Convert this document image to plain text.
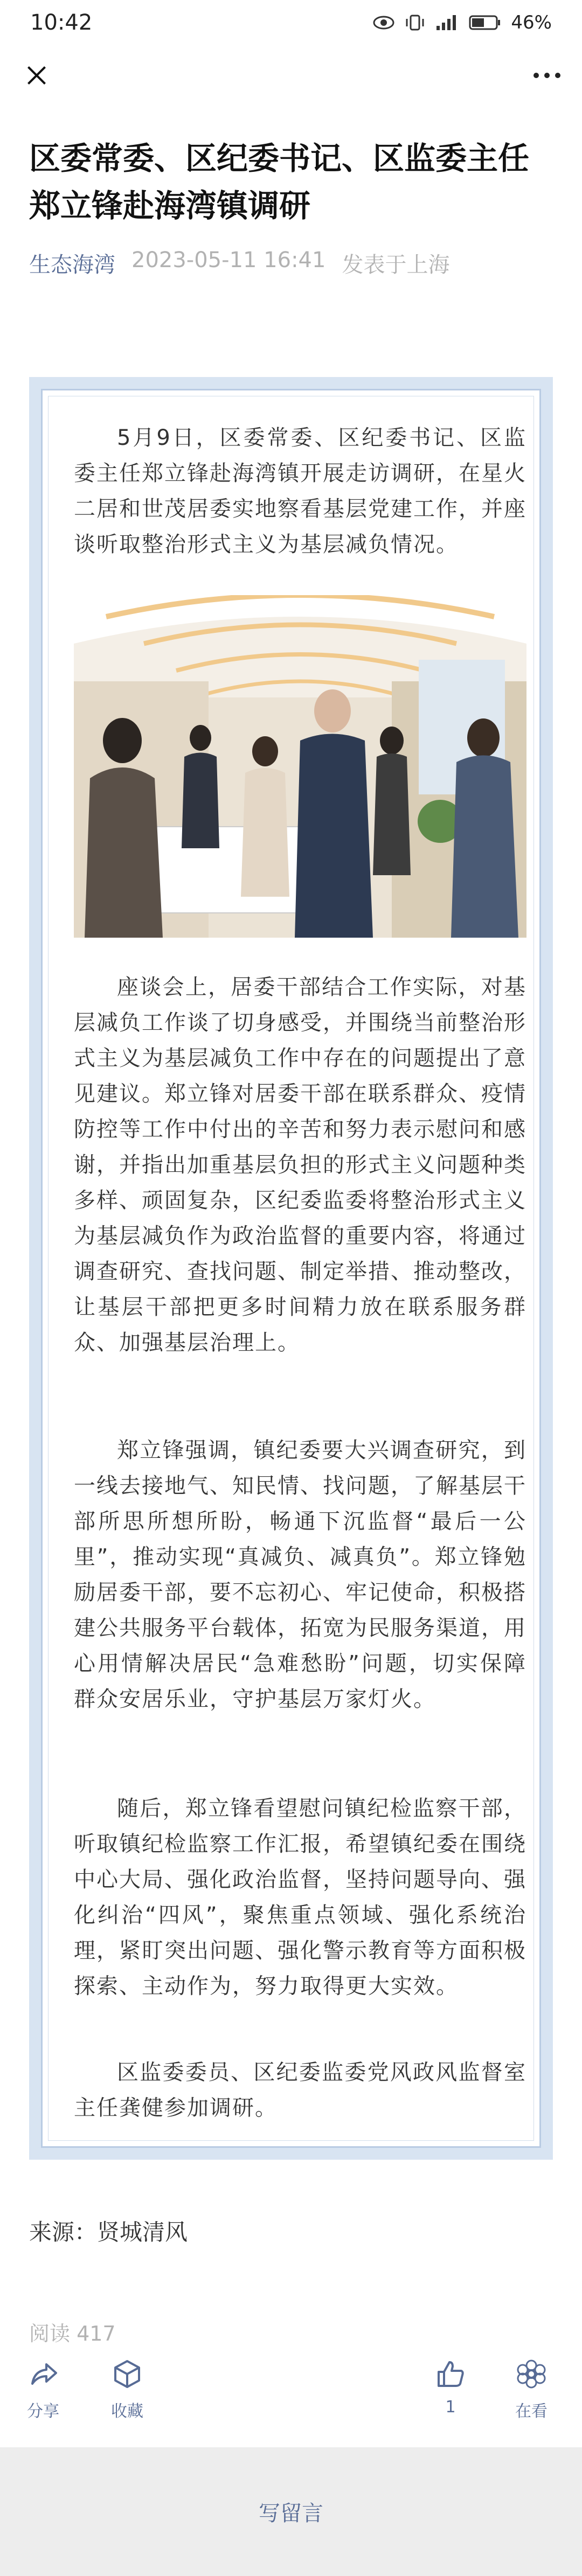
10:42	46%
区委常委、区纪委书记、区监委主任郑立锋赴海湾镇调研
生态海湾 2023-05-11 16:41 发表于上海

5月9日，区委常委、区纪委书记、区监委主任郑立锋赴海湾镇开展走访调研，在星火二居和世茂居委实地察看基层党建工作，并座谈听取整治形式主义为基层减负情况。

座谈会上，居委干部结合工作实际，对基层减负工作谈了切身感受，并围绕当前整治形式主义为基层减负工作中存在的问题提出了意见建议。郑立锋对居委干部在联系群众、疫情防控等工作中付出的辛苦和努力表示慰问和感谢，并指出加重基层负担的形式主义问题种类多样、顽固复杂，区纪委监委将整治形式主义为基层减负作为政治监督的重要内容，将通过调查研究、查找问题、制定举措、推动整改，让基层干部把更多时间精力放在联系服务群众、加强基层治理上。

郑立锋强调，镇纪委要大兴调查研究，到一线去接地气、知民情、找问题，了解基层干部所思所想所盼，畅通下沉监督“最后一公里”，推动实现“真减负、减真负”。郑立锋勉励居委干部，要不忘初心、牢记使命，积极搭建公共服务平台载体，拓宽为民服务渠道，用心用情解决居民“急难愁盼”问题，切实保障群众安居乐业，守护基层万家灯火。

随后，郑立锋看望慰问镇纪检监察干部，听取镇纪检监察工作汇报，希望镇纪委在围绕中心大局、强化政治监督，坚持问题导向、强化纠治“四风”，聚焦重点领域、强化系统治理，紧盯突出问题、强化警示教育等方面积极探索、主动作为，努力取得更大实效。

区监委委员、区纪委监委党风政风监督室主任龚健参加调研。

来源：贤城清风
阅读 417
分享	收藏	1	在看
写留言
